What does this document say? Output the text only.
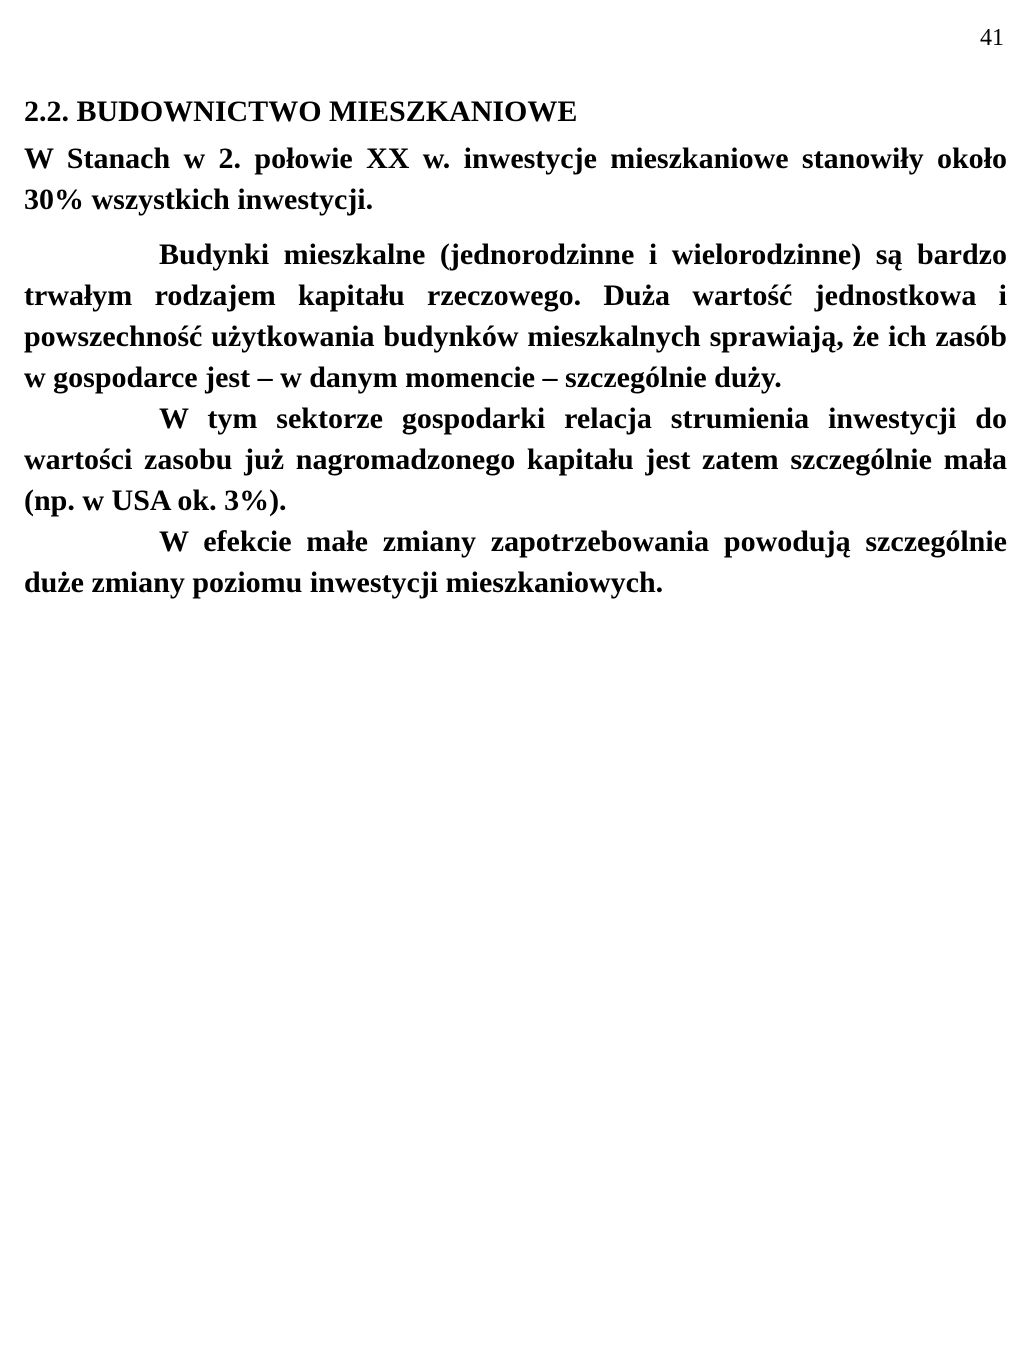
41
2.2. BUDOWNICTWO MIESZKANIOWE

W Stanach w 2. połowie XX w. inwestycje mieszkaniowe stanowiły około 30% wszystkich inwestycji.

Budynki mieszkalne (jednorodzinne i wielorodzinne) są bardzo trwałym rodzajem kapitału rzeczowego. Duża wartość jednostkowa i powszechność użytkowania budynków mieszkalnych sprawiają, że ich zasób w gospodarce jest – w danym momencie – szczególnie duży.

W tym sektorze gospodarki relacja strumienia inwestycji do wartości zasobu już nagromadzonego kapitału jest zatem szczególnie mała (np. w USA ok. 3%).

W efekcie małe zmiany zapotrzebowania powodują szczególnie duże zmiany poziomu inwestycji mieszkaniowych.
